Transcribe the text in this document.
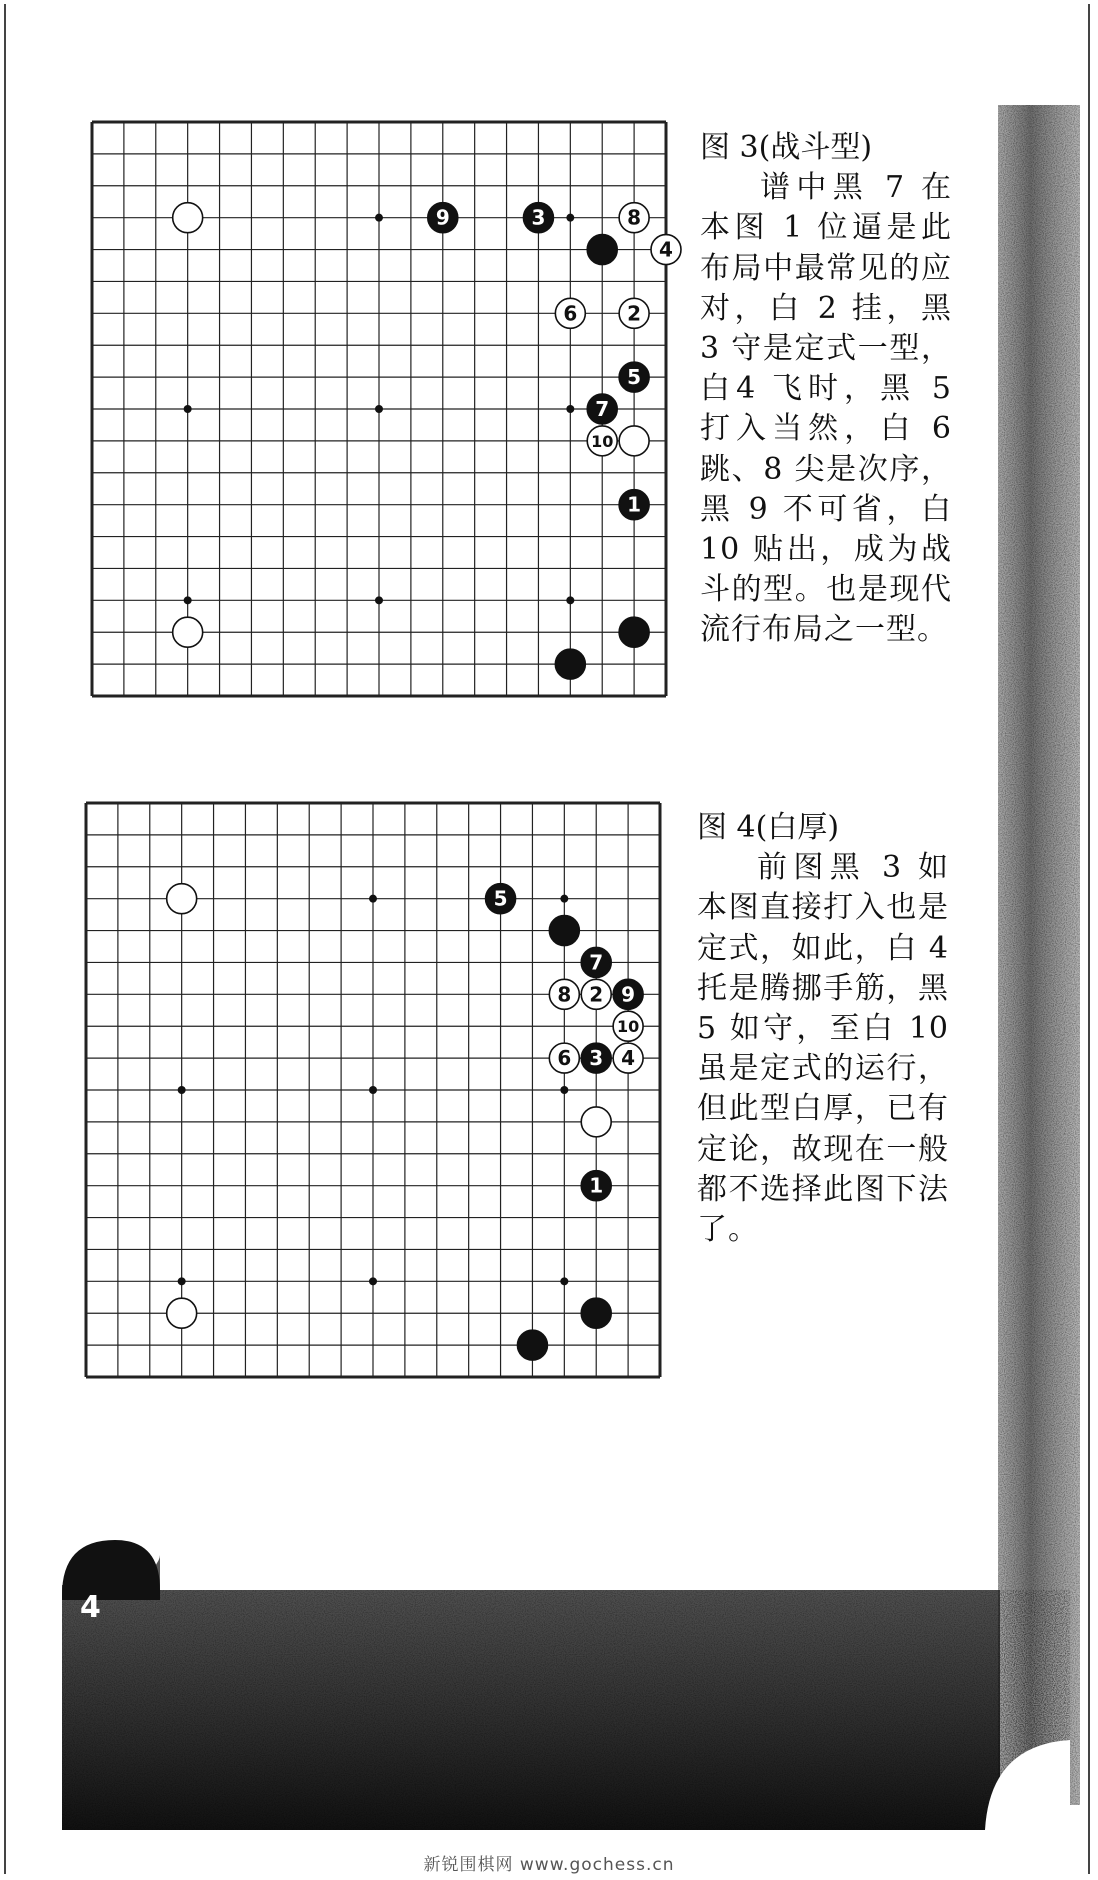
1
2
3
4
5
6
7
8
9
10
图 3(战斗型)
谱中黑 7 在本图 1 位逼是此布局中最常见的应对，白 2 挂，黑 3 守是定式一型，白4 飞时，黑 5 打入当然，白 6 跳、8 尖是次序，黑 9 不可省，白 10 贴出，成为战斗的型。也是现代流行布局之一型。
1
2
3 4
5
6
7
8 9
10
图 4(白厚)
前图黑 3 如本图直接打入也是定式，如此，白 4托是腾挪手筋，黑5 如守，至白 10 虽是定式的运行，但此型白厚，已有定论，故现在一般都不选择此图下法了。
4
新锐围棋网 www.gochess.cn
